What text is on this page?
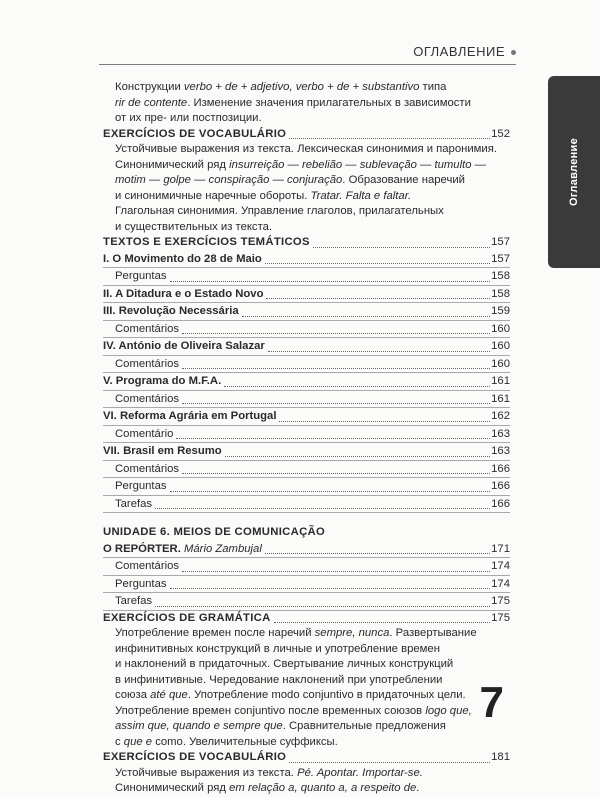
ОГЛАВЛЕНИЕ
Оглавление
Конструкции verbo + de + adjetivo, verbo + de + substantivo типа
rir de contente. Изменение значения прилагательных в зависимости
от их пре- или постпозиции.
EXERCÍCIOS DE VOCABULÁRIO	152
Устойчивые выражения из текста. Лексическая синонимия и паронимия.
Синонимический ряд insurreição — rebelião — sublevação — tumulto —
motim — golpe — conspiração — conjuração. Образование наречий
и синонимичные наречные обороты. Tratar. Falta e faltar.
Глагольная синонимия. Управление глаголов, прилагательных
и существительных из текста.
TEXTOS E EXERCÍCIOS TEMÁTICOS	157
I. O Movimento do 28 de Maio	157
Perguntas	158
II. A Ditadura e o Estado Novo	158
III. Revolução Necessária	159
Comentários	160
IV. António de Oliveira Salazar	160
Comentários	160
V. Programa do M.F.A.	161
Comentários	161
VI. Reforma Agrária em Portugal	162
Comentário	163
VII. Brasil em Resumo	163
Comentários	166
Perguntas	166
Tarefas	166
UNIDADE 6. MEIOS DE COMUNICAÇÃO
O REPÓRTER. Mário Zambujal	171
Comentários	174
Perguntas	174
Tarefas	175
EXERCÍCIOS DE GRAMÁTICA	175
Употребление времен после наречий sempre, nunca. Развертывание
инфинитивных конструкций в личные и употребление времен
и наклонений в придаточных. Свертывание личных конструкций
в инфинитивные. Чередование наклонений при употреблении
союза até que. Употребление modo conjuntivo в придаточных цели.
Употребление времен conjuntivo после временных союзов logo que,
assim que, quando e sempre que. Сравнительные предложения
с que e como. Увеличительные суффиксы.
EXERCÍCIOS DE VOCABULÁRIO	181
Устойчивые выражения из текста. Pé. Apontar. Importar-se.
Синонимический ряд em relação a, quanto a, a respeito de.
7
